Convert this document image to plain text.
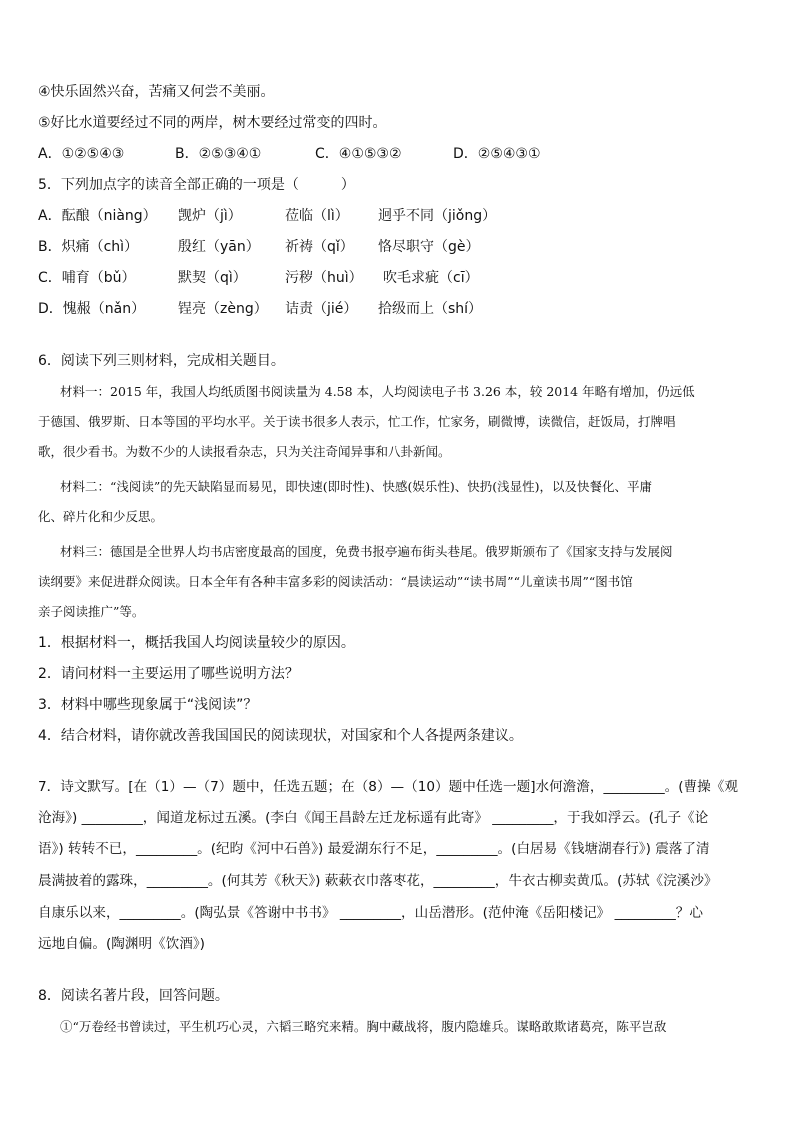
④快乐固然兴奋，苦痛又何尝不美丽。
⑤好比水道要经过不同的两岸，树木要经过常变的四时。
A．①②⑤④③	B．②⑤③④①	C．④①⑤③②	D．②⑤④③①
5．下列加点字的读音全部正确的一项是（　　　）
A．酝酿（niàng） 觊炉（jì）	莅临（lì） 迥乎不同（jiǒng）
B．炽痛（chì）	殷红（yān） 祈祷（qǐ） 恪尽职守（gè）
C．哺育（bǔ）	默契（qì）	污秽（huì） 吹毛求疵（cī）
D．愧赧（nǎn） 锃亮（zèng） 诘责（jié） 拾级而上（shí）
6．阅读下列三则材料，完成相关题目。
材料一：2015 年，我国人均纸质图书阅读量为 4.58 本，人均阅读电子书 3.26 本，较 2014 年略有增加，仍远低
于德国、俄罗斯、日本等国的平均水平。关于读书很多人表示，忙工作，忙家务，刷微博，读微信，赶饭局，打牌唱
歌，很少看书。为数不少的人读报看杂志，只为关注奇闻异事和八卦新闻。
材料二：“浅阅读”的先天缺陷显而易见，即快速(即时性)、快感(娱乐性)、快扔(浅显性)，以及快餐化、平庸
化、碎片化和少反思。
材料三：德国是全世界人均书店密度最高的国度，免费书报亭遍布街头巷尾。俄罗斯颁布了《国家支持与发展阅
读纲要》来促进群众阅读。日本全年有各种丰富多彩的阅读活动：“晨读运动”“读书周”“儿童读书周”“图书馆
亲子阅读推广”等。
1．根据材料一，概括我国人均阅读量较少的原因。
2．请问材料一主要运用了哪些说明方法？
3．材料中哪些现象属于“浅阅读”？
4．结合材料，请你就改善我国国民的阅读现状，对国家和个人各提两条建议。
7．诗文默写。[在（1）—（7）题中，任选五题；在（8）—（10）题中任选一题]水何澹澹，_________。(曹操《观
沧海》) _________，闻道龙标过五溪。(李白《闻王昌龄左迁龙标遥有此寄》 _________，于我如浮云。(孔子《论
语》) 转转不已，_________。(纪昀《河中石兽》) 最爱湖东行不足，_________。(白居易《钱塘湖春行》) 震落了清
晨满披着的露珠，_________。(何其芳《秋天》) 蔌蔌衣巾落枣花，_________，牛衣古柳卖黄瓜。(苏轼《浣溪沙》
自康乐以来，_________。(陶弘景《答谢中书书》 _________，山岳潜形。(范仲淹《岳阳楼记》 _________？心
远地自偏。(陶渊明《饮酒》)
8．阅读名著片段，回答问题。
①“万卷经书曾读过，平生机巧心灵，六韬三略究来精。胸中藏战将，腹内隐雄兵。谋略敢欺诸葛亮，陈平岂敌
